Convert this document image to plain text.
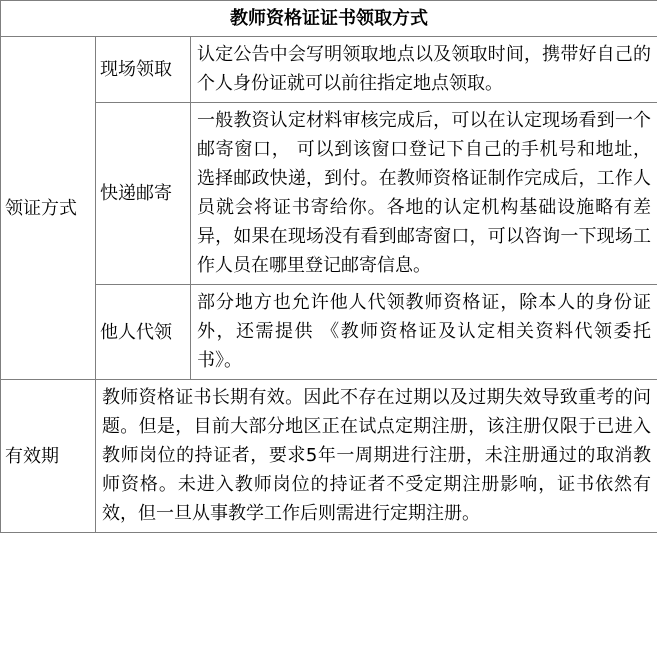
教师资格证证书领取方式		
领证方式	现场领取	认定公告中会写明领取地点以及领取时间，携带好自己的个人身份证就可以前往指定地点领取。
	快递邮寄	一般教资认定材料审核完成后，可以在认定现场看到一个邮寄窗口， 可以到该窗口登记下自己的手机号和地址，选择邮政快递，到付。在教师资格证制作完成后，工作人员就会将证书寄给你。各地的认定机构基础设施略有差异，如果在现场没有看到邮寄窗口，可以咨询一下现场工作人员在哪里登记邮寄信息。
	他人代领	部分地方也允许他人代领教师资格证，除本人的身份证外，还需提供 《教师资格证及认定相关资料代领委托书》。
有效期	教师资格证书长期有效。因此不存在过期以及过期失效导致重考的问题。但是，目前大部分地区正在试点定期注册，该注册仅限于已进入教师岗位的持证者，要求5年一周期进行注册，未注册通过的取消教师资格。未进入教师岗位的持证者不受定期注册影响，证书依然有效，但一旦从事教学工作后则需进行定期注册。	
